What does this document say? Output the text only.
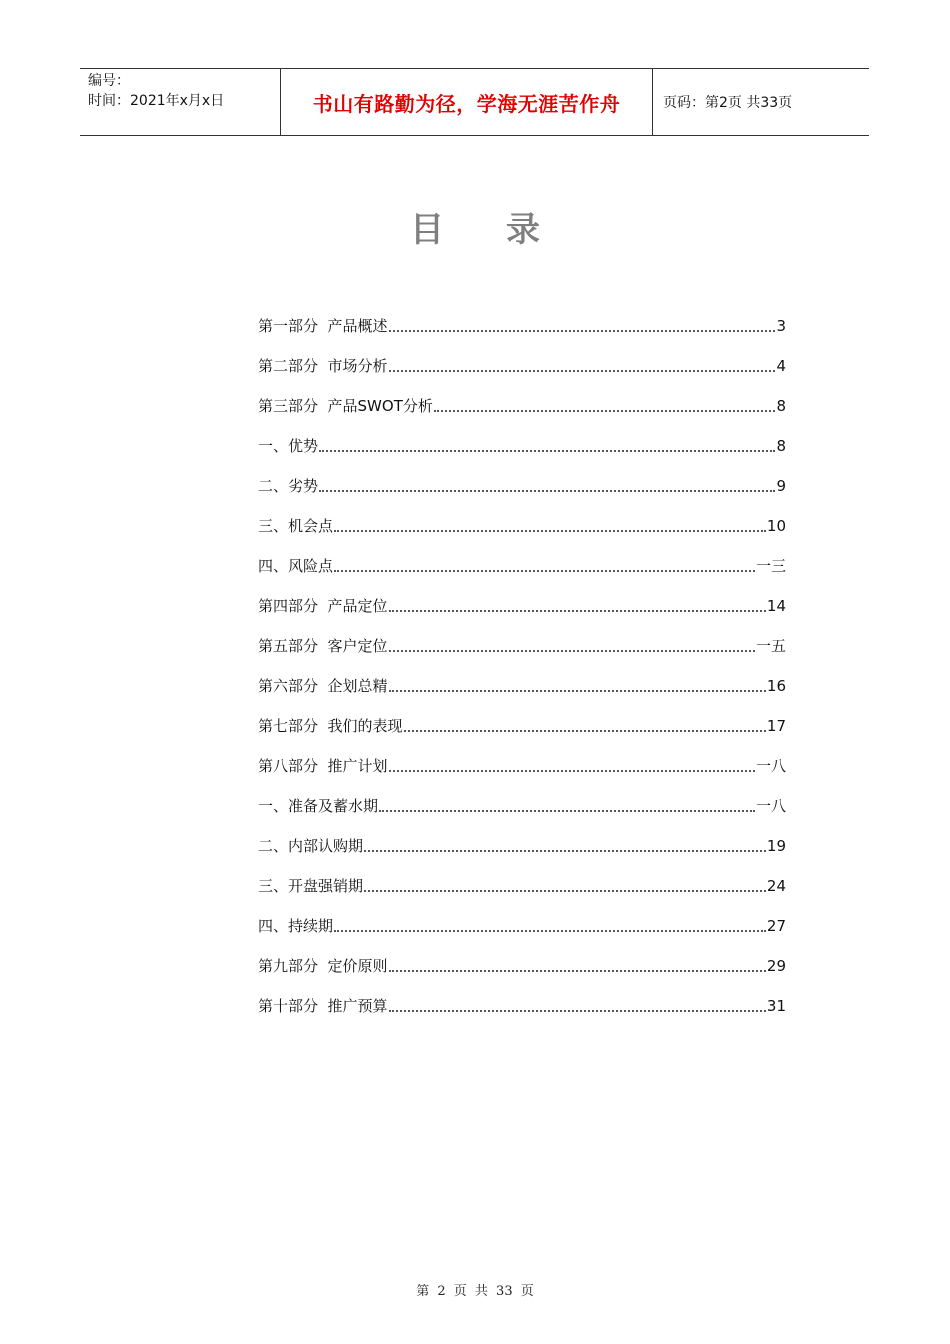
编号：
时间：2021年x月x日	书山有路勤为径，学海无涯苦作舟	页码：第2页 共33页
目录
第一部分  产品概述	3
第二部分  市场分析	4
第三部分  产品SWOT分析	8
一、优势	8
二、劣势	9
三、机会点	10
四、风险点	一三
第四部分  产品定位	14
第五部分  客户定位	一五
第六部分  企划总精	16
第七部分  我们的表现	17
第八部分  推广计划	一八
一、准备及蓄水期	一八
二、内部认购期	19
三、开盘强销期	24
四、持续期	27
第九部分  定价原则	29
第十部分  推广预算	31
第 2 页 共 33 页
